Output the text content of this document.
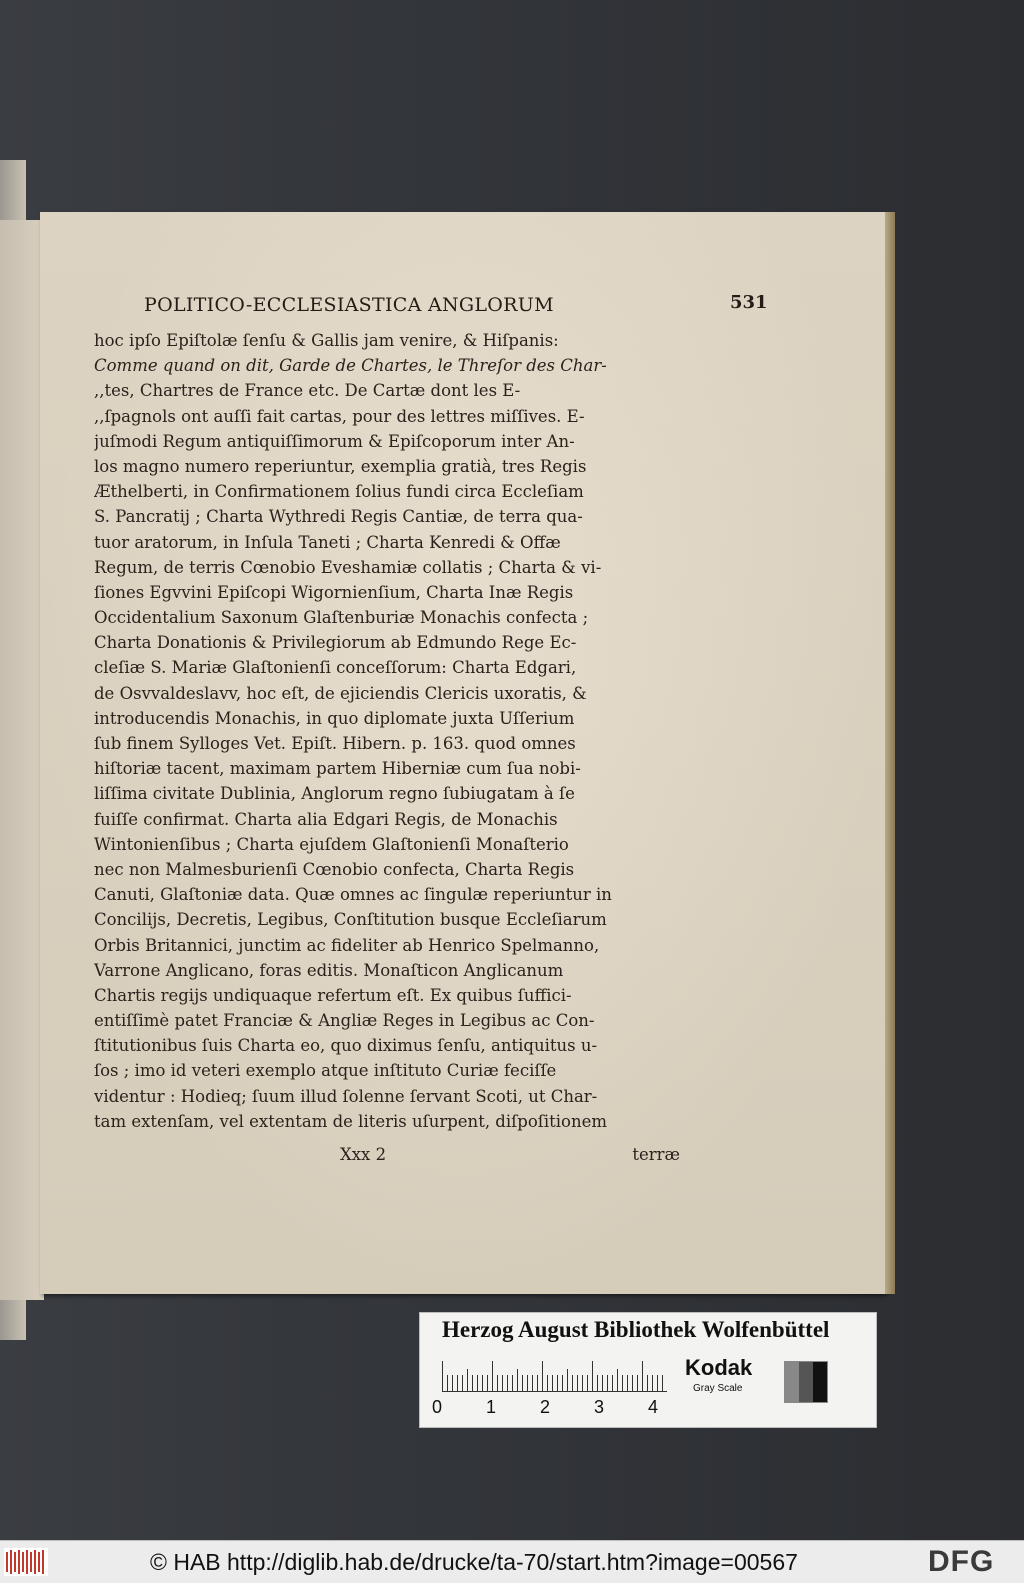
POLITICO-ECCLESIASTICA ANGLORUM	531
hoc ipſo Epiſtolæ ſenſu & Gallis jam venire, & Hiſpanis:
Comme quand on dit, Garde de Chartes, le Threſor des Char-
,,tes, Chartres de France etc. De Cartæ dont les E-
,,ſpagnols ont auſſi fait cartas, pour des lettres miſſives. E-
juſmodi Regum antiquiſſimorum & Epiſcoporum inter An-
los magno numero reperiuntur, exemplia gratià, tres Regis
Æthelberti, in Confirmationem ſolius fundi circa Eccleſiam
S. Pancratij ; Charta Wythredi Regis Cantiæ, de terra qua-
tuor aratorum, in Inſula Taneti ; Charta Kenredi & Offæ
Regum, de terris Cœnobio Eveshamiæ collatis ; Charta & vi-
ſiones Egvvini Epiſcopi Wigornienſium, Charta Inæ Regis
Occidentalium Saxonum Glaſtenburiæ Monachis confecta ;
Charta Donationis & Privilegiorum ab Edmundo Rege Ec-
cleſiæ S. Mariæ Glaſtonienſi conceſſorum: Charta Edgari,
de Osvvaldeslavv, hoc eſt, de ejiciendis Clericis uxoratis, &
introducendis Monachis, in quo diplomate juxta Uſſerium
ſub finem Sylloges Vet. Epiſt. Hibern. p. 163. quod omnes
hiſtoriæ tacent, maximam partem Hiberniæ cum ſua nobi-
liſſima civitate Dublinia, Anglorum regno ſubiugatam à ſe
fuiſſe confirmat. Charta alia Edgari Regis, de Monachis
Wintonienſibus ; Charta ejuſdem Glaſtonienſi Monaſterio
nec non Malmesburienſi Cœnobio confecta, Charta Regis
Canuti, Glaſtoniæ data. Quæ omnes ac ſingulæ reperiuntur in
Concilijs, Decretis, Legibus, Conſtitution busque Eccleſiarum
Orbis Britannici, junctim ac fideliter ab Henrico Spelmanno,
Varrone Anglicano, foras editis. Monaſticon Anglicanum
Chartis regijs undiquaque refertum eſt. Ex quibus ſuffici-
entiſſimè patet Franciæ & Angliæ Reges in Legibus ac Con-
ſtitutionibus ſuis Charta eo, quo diximus ſenſu, antiquitus u-
ſos ; imo id veteri exemplo atque inſtituto Curiæ feciſſe
videntur : Hodieq; ſuum illud ſolenne ſervant Scoti, ut Char-
tam extenſam, vel extentam de literis uſurpent, diſpoſitionem
Xxx 2	terræ
Herzog August Bibliothek Wolfenbüttel
0 1 2 3 4
Kodak
Gray Scale
© HAB http://diglib.hab.de/drucke/ta-70/start.htm?image=00567	DFG
